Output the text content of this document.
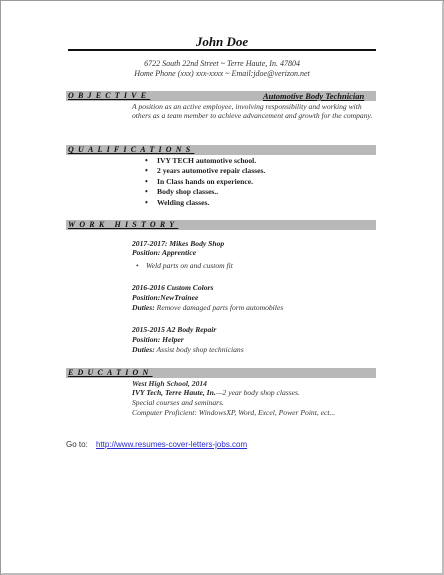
John Doe
6722 South 22nd Street ~ Terre Haute, In. 47804
Home Phone (xxx) xxx-xxxx ~ Email:jdoe@verizon.net
OBJECTIVE	Automotive Body Technician
A position as an active employee, involving responsibility and working with others as a team member to achieve advancement and growth for the company.
QUALIFICATIONS
• IVY TECH automotive school.
• 2 years automotive repair classes.
• In Class hands on experience.
• Body shop classes..
• Welding classes.
WORK HISTORY
2017-2017: Mikes Body Shop
Position: Apprentice
• Weld parts on and custom fit
2016-2016 Custom Colors
Position:NewTrainee
Duties: Remove damaged parts form automobiles
2015-2015 A2 Body Repair
Position: Helper
Duties: Assist body shop technicians
EDUCATION
West High School, 2014
IVY Tech, Terre Haute, In.—2 year body shop classes.
Special courses and seminars.
Computer Proficient: WindowsXP, Word, Excel, Power Point, ect...
Go to: http://www.resumes-cover-letters-jobs.com
